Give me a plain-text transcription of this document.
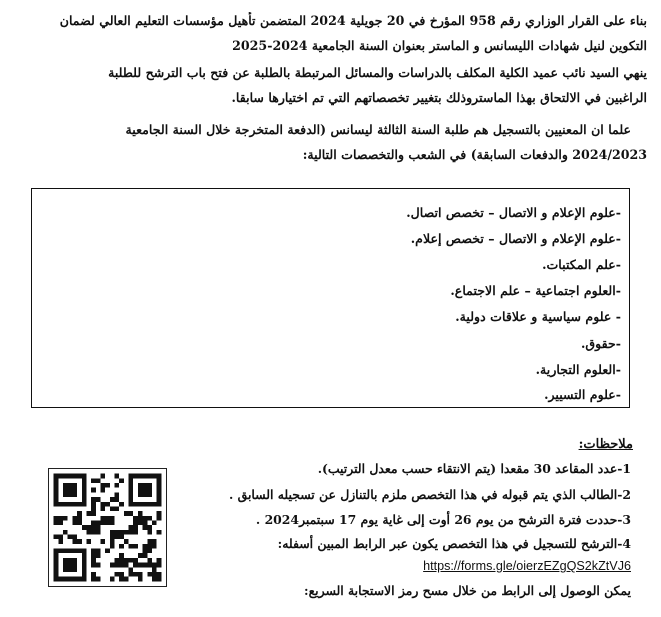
بناء على القرار الوزاري رقم 958 المؤرخ في 20 جويلية 2024 المتضمن تأهيل مؤسسات التعليم العالي لضمان
التكوين لنيل شهادات الليسانس و الماستر بعنوان السنة الجامعية 2024-2025
ينهي السيد نائب عميد الكلية المكلف بالدراسات والمسائل المرتبطة بالطلبة عن فتح باب الترشح للطلبة
الراغبين في الالتحاق بهذا الماستروذلك بتغيير تخصصاتهم التي تم اختيارها سابقا.
علما ان المعنيين بالتسجيل هم طلبة السنة الثالثة ليسانس (الدفعة المتخرجة خلال السنة الجامعية
2024/2023 والدفعات السابقة) في الشعب والتخصصات التالية:
-علوم الإعلام و الاتصال – تخصص اتصال.
-علوم الإعلام و الاتصال – تخصص إعلام.
-علم المكتبات.
-العلوم اجتماعية – علم الاجتماع.
- علوم سياسية و علاقات دولية.
-حقوق.
-العلوم التجارية.
-علوم التسيير.
ملاحظات:
1-عدد المقاعد 30 مقعدا (يتم الانتقاء حسب معدل الترتيب).
2-الطالب الذي يتم قبوله في هذا التخصص ملزم بالتنازل عن تسجيله السابق .
3-حددت فترة الترشح من يوم 26 أوت إلى غاية يوم 17 سبتمبر2024 .
4-الترشح للتسجيل في هذا التخصص يكون عبر الرابط المبين أسفله:
https://forms.gle/oierzEZgQS2kZtVJ6
يمكن الوصول إلى الرابط من خلال مسح رمز الاستجابة السريع:
